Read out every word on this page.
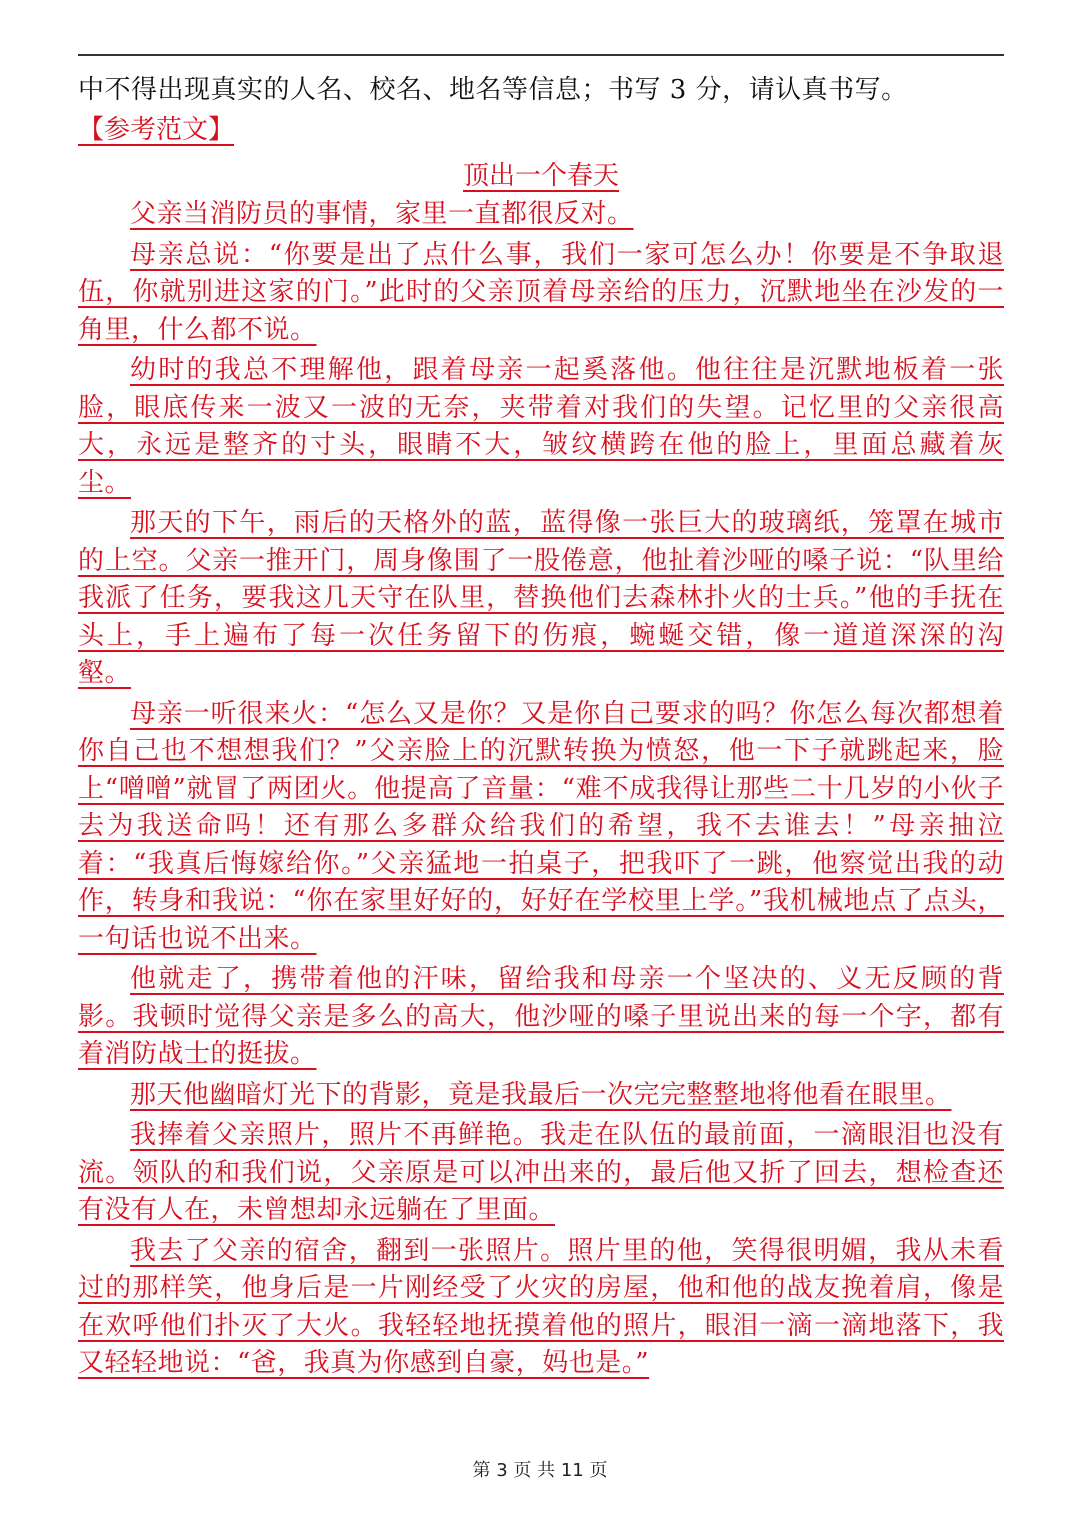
中不得出现真实的人名、校名、地名等信息；书写 3 分，请认真书写。

【参考范文】

顶出一个春天

父亲当消防员的事情，家里一直都很反对。

母亲总说：“你要是出了点什么事，我们一家可怎么办！你要是不争取退伍，你就别进这家的门。”此时的父亲顶着母亲给的压力，沉默地坐在沙发的一角里，什么都不说。

幼时的我总不理解他，跟着母亲一起奚落他。他往往是沉默地板着一张脸，眼底传来一波又一波的无奈，夹带着对我们的失望。记忆里的父亲很高大，永远是整齐的寸头，眼睛不大，皱纹横跨在他的脸上，里面总藏着灰尘。

那天的下午，雨后的天格外的蓝，蓝得像一张巨大的玻璃纸，笼罩在城市的上空。父亲一推开门，周身像围了一股倦意，他扯着沙哑的嗓子说：“队里给我派了任务，要我这几天守在队里，替换他们去森林扑火的士兵。”他的手抚在头上，手上遍布了每一次任务留下的伤痕，蜿蜒交错，像一道道深深的沟壑。

母亲一听很来火：“怎么又是你？又是你自己要求的吗？你怎么每次都想着你自己也不想想我们？”父亲脸上的沉默转换为愤怒，他一下子就跳起来，脸上“噌噌”就冒了两团火。他提高了音量：“难不成我得让那些二十几岁的小伙子去为我送命吗！还有那么多群众给我们的希望，我不去谁去！”母亲抽泣着：“我真后悔嫁给你。”父亲猛地一拍桌子，把我吓了一跳，他察觉出我的动作，转身和我说：“你在家里好好的，好好在学校里上学。”我机械地点了点头，一句话也说不出来。

他就走了，携带着他的汗味，留给我和母亲一个坚决的、义无反顾的背影。我顿时觉得父亲是多么的高大，他沙哑的嗓子里说出来的每一个字，都有着消防战士的挺拔。

那天他幽暗灯光下的背影，竟是我最后一次完完整整地将他看在眼里。

我捧着父亲照片，照片不再鲜艳。我走在队伍的最前面，一滴眼泪也没有流。领队的和我们说，父亲原是可以冲出来的，最后他又折了回去，想检查还有没有人在，未曾想却永远躺在了里面。

我去了父亲的宿舍，翻到一张照片。照片里的他，笑得很明媚，我从未看过的那样笑，他身后是一片刚经受了火灾的房屋，他和他的战友挽着肩，像是在欢呼他们扑灭了大火。我轻轻地抚摸着他的照片，眼泪一滴一滴地落下，我又轻轻地说：“爸，我真为你感到自豪，妈也是。”

第 3 页 共 11 页
